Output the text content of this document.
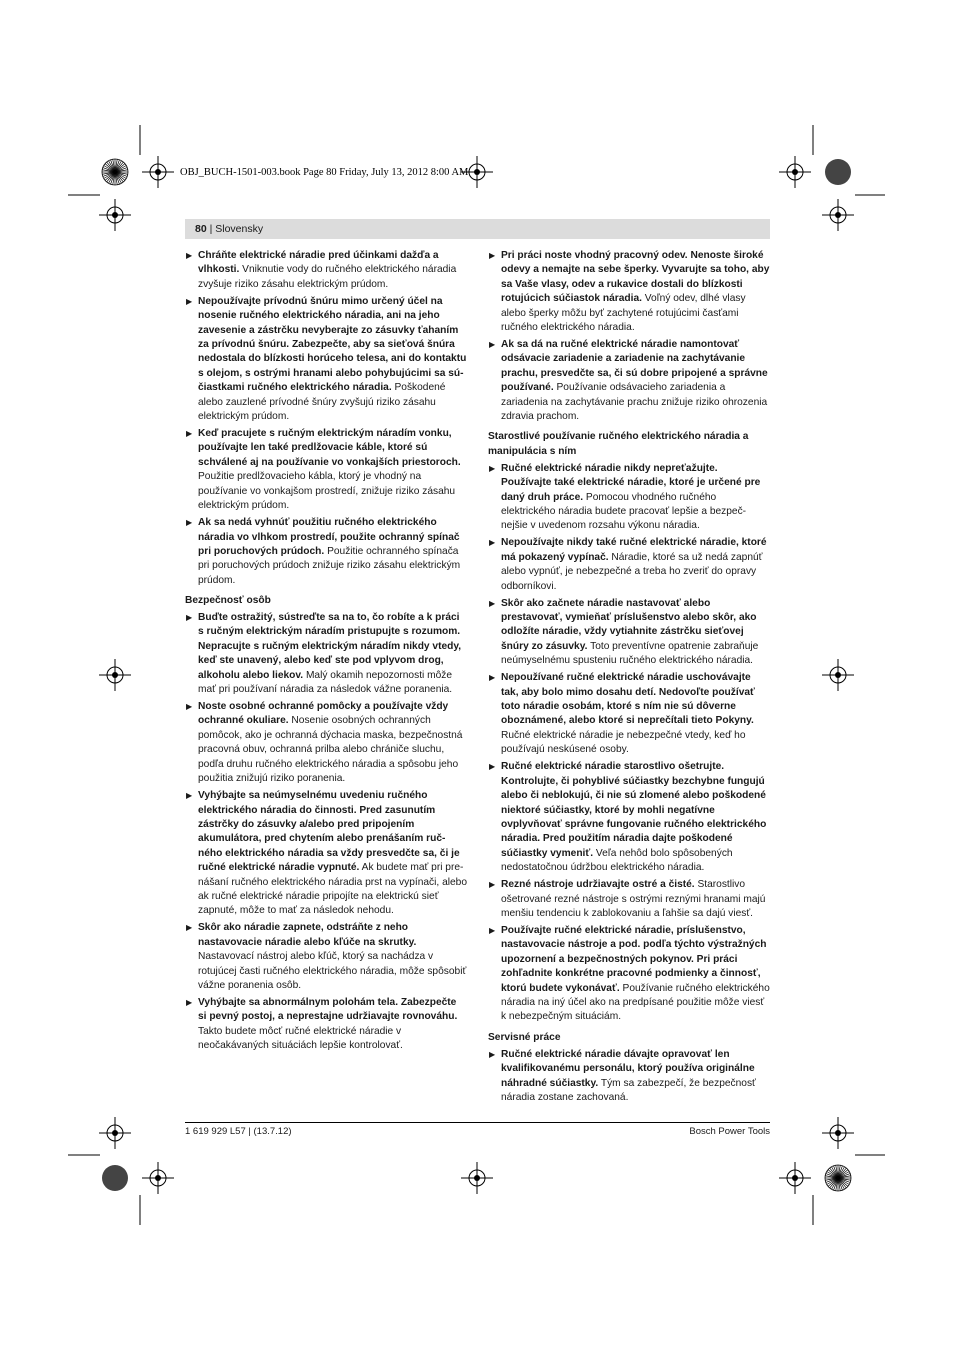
OBJ_BUCH-1501-003.book Page 80 Friday, July 13, 2012 8:00 AM
80 | Slovensky
▶ Chráňte elektrické náradie pred účinkami dažďa a vlhkosti. Vniknutie vody do ručného elektrického náradia zvyšuje riziko zásahu elektrickým prúdom.
▶ Nepoužívajte prívodnú šnúru mimo určený účel na nosenie ručného elektrického náradia, ani na jeho zavesenie a zástrčku nevyberajte zo zásuvky ťahaním za prívodnú šnúru. Zabezpečte, aby sa sieťová šnúra nedostala do blízkosti horúceho telesa, ani do kontaktu s olejom, s ostrými hranami alebo pohybujúcimi sa sú-čiastkami ručného elektrického náradia. Poškodené alebo zauzlené prívodné šnúry zvyšujú riziko zásahu elektrickým prúdom.
▶ Keď pracujete s ručným elektrickým náradím vonku, používajte len také predlžovacie káble, ktoré sú schválené aj na používanie vo vonkajších priestoroch. Použitie predlžovacieho kábla, ktorý je vhodný na používanie vo vonkajšom prostredí, znižuje riziko zásahu elektrickým prúdom.
▶ Ak sa nedá vyhnúť použitiu ručného elektrického náradia vo vlhkom prostredí, použite ochranný spínač pri poruchových prúdoch. Použitie ochranného spínača pri poruchových prúdoch znižuje riziko zásahu elektrickým prúdom.
Bezpečnosť osôb
▶ Buďte ostražitý, sústreďte sa na to, čo robíte a k práci s ručným elektrickým náradím pristupujte s rozumom. Nepracujte s ručným elektrickým náradím nikdy vtedy, keď ste unavený, alebo keď ste pod vplyvom drog, alkoholu alebo liekov. Malý okamih nepozornosti môže mať pri používaní náradia za následok vážne poranenia.
▶ Noste osobné ochranné pomôcky a používajte vždy ochranné okuliare. Nosenie osobných ochranných pomôcok, ako je ochranná dýchacia maska, bezpečnostná pracovná obuv, ochranná prilba alebo chrániče sluchu, podľa druhu ručného elektrického náradia a spôsobu jeho použitia znižujú riziko poranenia.
▶ Vyhýbajte sa neúmyselnému uvedeniu ručného elektrického náradia do činnosti. Pred zasunutím zástrčky do zásuvky a/alebo pred pripojením akumulátora, pred chytením alebo prenášaním ruč-ného elektrického náradia sa vždy presvedčte sa, či je ručné elektrické náradie vypnuté. Ak budete mať pri pre-nášaní ručného elektrického náradia prst na vypínači, alebo ak ručné elektrické náradie pripojíte na elektrickú sieť zapnuté, môže to mať za následok nehodu.
▶ Skôr ako náradie zapnete, odstráňte z neho nastavovacie náradie alebo kľúče na skrutky. Nastavovací nástroj alebo kľúč, ktorý sa nachádza v rotujúcej časti ručného elektrického náradia, môže spôsobiť vážne poranenia osôb.
▶ Vyhýbajte sa abnormálnym polohám tela. Zabezpečte si pevný postoj, a neprestajne udržiavajte rovnováhu. Takto budete môcť ručné elektrické náradie v neočakávaných situáciách lepšie kontrolovať.
▶ Pri práci noste vhodný pracovný odev. Nenoste široké odevy a nemajte na sebe šperky. Vyvarujte sa toho, aby sa Vaše vlasy, odev a rukavice dostali do blízkosti rotujúcich súčiastok náradia. Voľný odev, dlhé vlasy alebo šperky môžu byť zachytené rotujúcimi časťami ručného elektrického náradia.
▶ Ak sa dá na ručné elektrické náradie namontovať odsávacie zariadenie a zariadenie na zachytávanie prachu, presvedčte sa, či sú dobre pripojené a správne používané. Používanie odsávacieho zariadenia a zariadenia na zachytávanie prachu znižuje riziko ohrozenia zdravia prachom.
Starostlivé používanie ručného elektrického náradia a manipulácia s ním
▶ Ručné elektrické náradie nikdy nepreťažujte. Používajte také elektrické náradie, ktoré je určené pre daný druh práce. Pomocou vhodného ručného elektrického náradia budete pracovať lepšie a bezpeč-nejšie v uvedenom rozsahu výkonu náradia.
▶ Nepoužívajte nikdy také ručné elektrické náradie, ktoré má pokazený vypínač. Náradie, ktoré sa už nedá zapnúť alebo vypnúť, je nebezpečné a treba ho zveriť do opravy odborníkovi.
▶ Skôr ako začnete náradie nastavovať alebo prestavovať, vymieňať príslušenstvo alebo skôr, ako odložíte náradie, vždy vytiahnite zástrčku sieťovej šnúry zo zásuvky. Toto preventívne opatrenie zabraňuje neúmyselnému spusteniu ručného elektrického náradia.
▶ Nepoužívané ručné elektrické náradie uschovávajte tak, aby bolo mimo dosahu detí. Nedovoľte používať toto náradie osobám, ktoré s ním nie sú dôverne oboznámené, alebo ktoré si neprečítali tieto Pokyny. Ručné elektrické náradie je nebezpečné vtedy, keď ho používajú neskúsené osoby.
▶ Ručné elektrické náradie starostlivo ošetrujte. Kontrolujte, či pohyblivé súčiastky bezchybne fungujú alebo či neblokujú, či nie sú zlomené alebo poškodené niektoré súčiastky, ktoré by mohli negatívne ovplyvňovať správne fungovanie ručného elektrického náradia. Pred použitím náradia dajte poškodené súčiastky vymeniť. Veľa nehôd bolo spôsobených nedostatočnou údržbou elektrického náradia.
▶ Rezné nástroje udržiavajte ostré a čisté. Starostlivo ošetrované rezné nástroje s ostrými reznými hranami majú menšiu tendenciu k zablokovaniu a ľahšie sa dajú viesť.
▶ Používajte ručné elektrické náradie, príslušenstvo, nastavovacie nástroje a pod. podľa týchto výstražných upozornení a bezpečnostných pokynov. Pri práci zohľadnite konkrétne pracovné podmienky a činnosť, ktorú budete vykonávať. Používanie ručného elektrického náradia na iný účel ako na predpísané použitie môže viesť k nebezpečným situáciám.
Servisné práce
▶ Ručné elektrické náradie dávajte opravovať len kvalifikovanému personálu, ktorý používa originálne náhradné súčiastky. Tým sa zabezpečí, že bezpečnosť náradia zostane zachovaná.
1 619 929 L57 | (13.7.12)	Bosch Power Tools
